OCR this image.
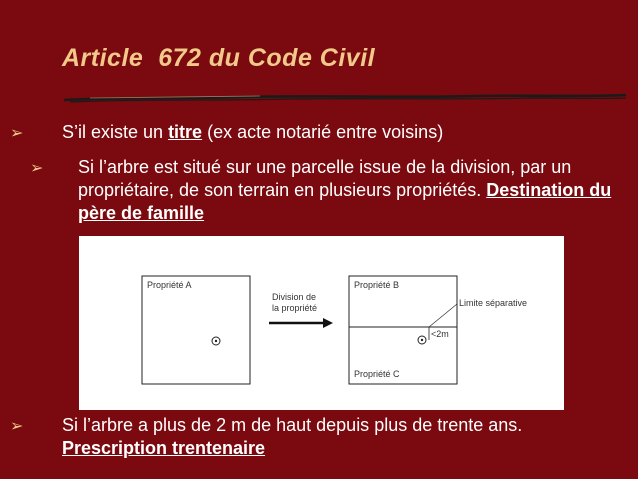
Article  672 du Code Civil
➢ S’il existe un titre (ex acte notarié entre voisins)
➢ Si l’arbre est situé sur une parcelle issue de la division, par un propriétaire, de son terrain en plusieurs propriétés. Destination du père de famille
Propriété A
Division de
la propriété
Propriété B
Propriété C
Limite séparative
<2m
➢ Si l’arbre a plus de 2 m de haut depuis plus de trente ans. Prescription trentenaire
